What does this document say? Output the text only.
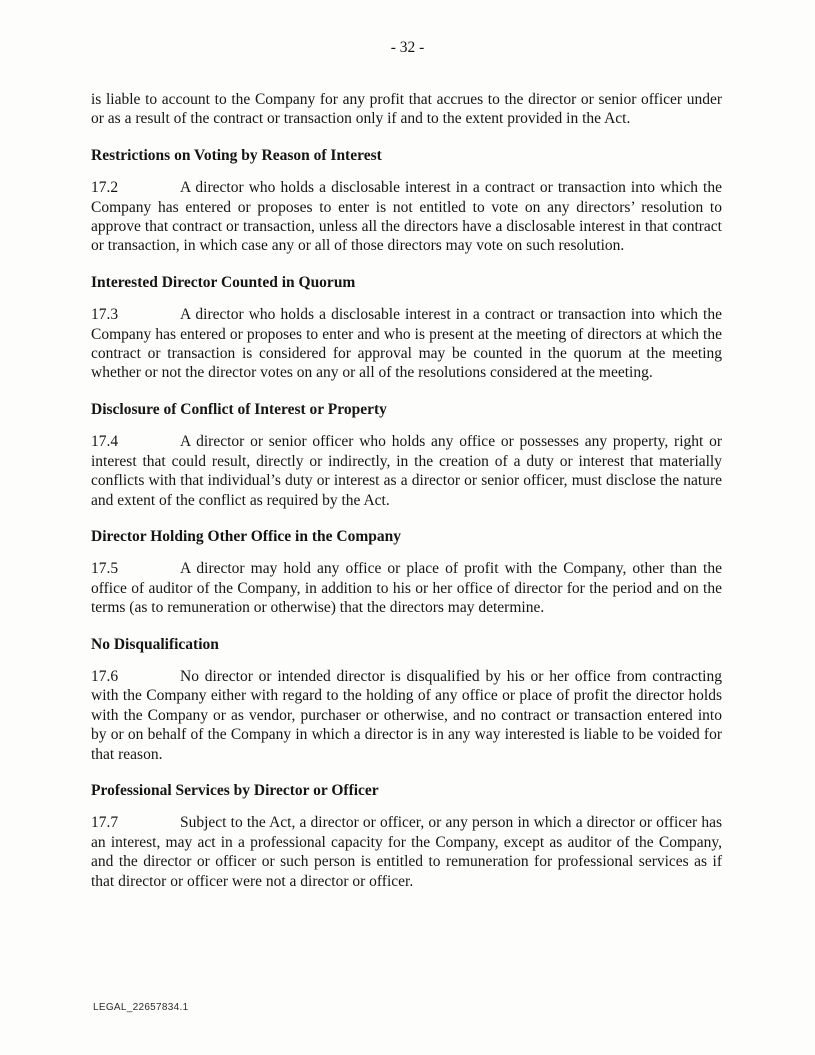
- 32 -

is liable to account to the Company for any profit that accrues to the director or senior officer under or as a result of the contract or transaction only if and to the extent provided in the Act.

Restrictions on Voting by Reason of Interest

17.2	A director who holds a disclosable interest in a contract or transaction into which the Company has entered or proposes to enter is not entitled to vote on any directors’ resolution to approve that contract or transaction, unless all the directors have a disclosable interest in that contract or transaction, in which case any or all of those directors may vote on such resolution.

Interested Director Counted in Quorum

17.3	A director who holds a disclosable interest in a contract or transaction into which the Company has entered or proposes to enter and who is present at the meeting of directors at which the contract or transaction is considered for approval may be counted in the quorum at the meeting whether or not the director votes on any or all of the resolutions considered at the meeting.

Disclosure of Conflict of Interest or Property

17.4	A director or senior officer who holds any office or possesses any property, right or interest that could result, directly or indirectly, in the creation of a duty or interest that materially conflicts with that individual’s duty or interest as a director or senior officer, must disclose the nature and extent of the conflict as required by the Act.

Director Holding Other Office in the Company

17.5	A director may hold any office or place of profit with the Company, other than the office of auditor of the Company, in addition to his or her office of director for the period and on the terms (as to remuneration or otherwise) that the directors may determine.

No Disqualification

17.6	No director or intended director is disqualified by his or her office from contracting with the Company either with regard to the holding of any office or place of profit the director holds with the Company or as vendor, purchaser or otherwise, and no contract or transaction entered into by or on behalf of the Company in which a director is in any way interested is liable to be voided for that reason.

Professional Services by Director or Officer

17.7	Subject to the Act, a director or officer, or any person in which a director or officer has an interest, may act in a professional capacity for the Company, except as auditor of the Company, and the director or officer or such person is entitled to remuneration for professional services as if that director or officer were not a director or officer.

LEGAL_22657834.1
